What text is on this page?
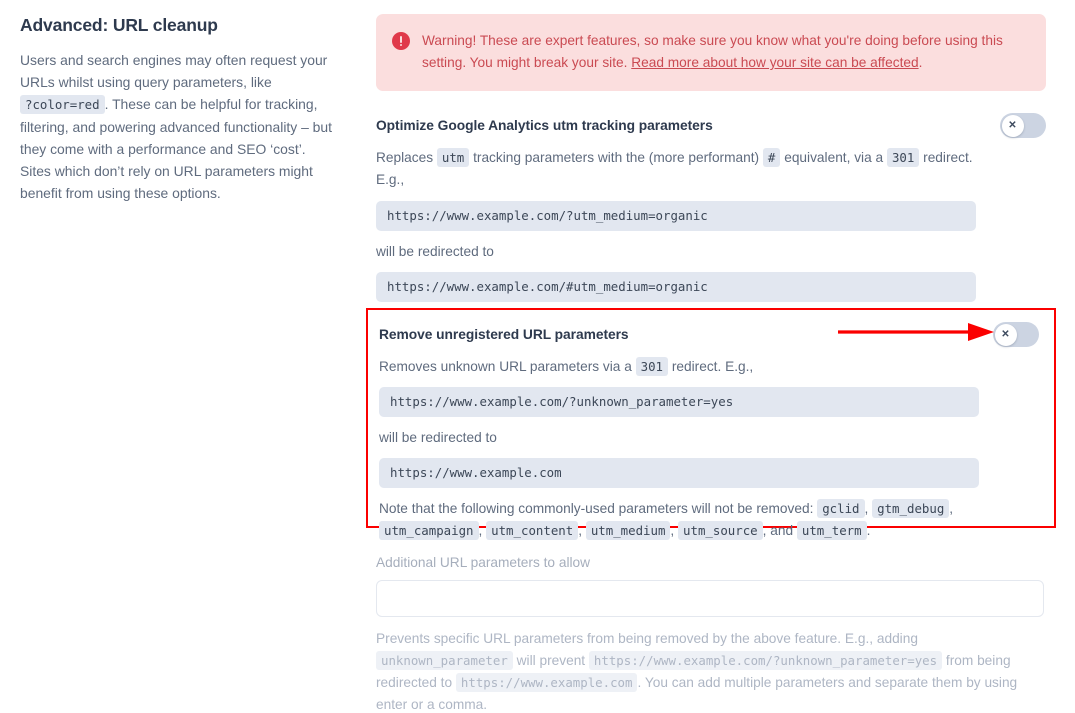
Advanced: URL cleanup

Users and search engines may often request your URLs whilst using query parameters, like ?color=red . These can be helpful for tracking, filtering, and powering advanced functionality – but they come with a performance and SEO ‘cost’. Sites which don’t rely on URL parameters might benefit from using these options.

Warning! These are expert features, so make sure you know what you're doing before using this setting. You might break your site. Read more about how your site can be affected.
Optimize Google Analytics utm tracking parameters	✕

Replaces utm tracking parameters with the (more performant) # equivalent, via a 301 redirect. E.g.,

https://www.example.com/?utm_medium=organic

will be redirected to

https://www.example.com/#utm_medium=organic
Additional URL parameters to allow

Prevents specific URL parameters from being removed by the above feature. E.g., adding unknown_parameter will prevent https://www.example.com/?unknown_parameter=yes from being redirected to https://www.example.com . You can add multiple parameters and separate them by using enter or a comma.

Remove unregistered URL parameters	✕

Removes unknown URL parameters via a 301 redirect. E.g.,

https://www.example.com/?unknown_parameter=yes

will be redirected to

https://www.example.com

Note that the following commonly-used parameters will not be removed: gclid , gtm_debug , utm_campaign , utm_content , utm_medium , utm_source , and utm_term .
